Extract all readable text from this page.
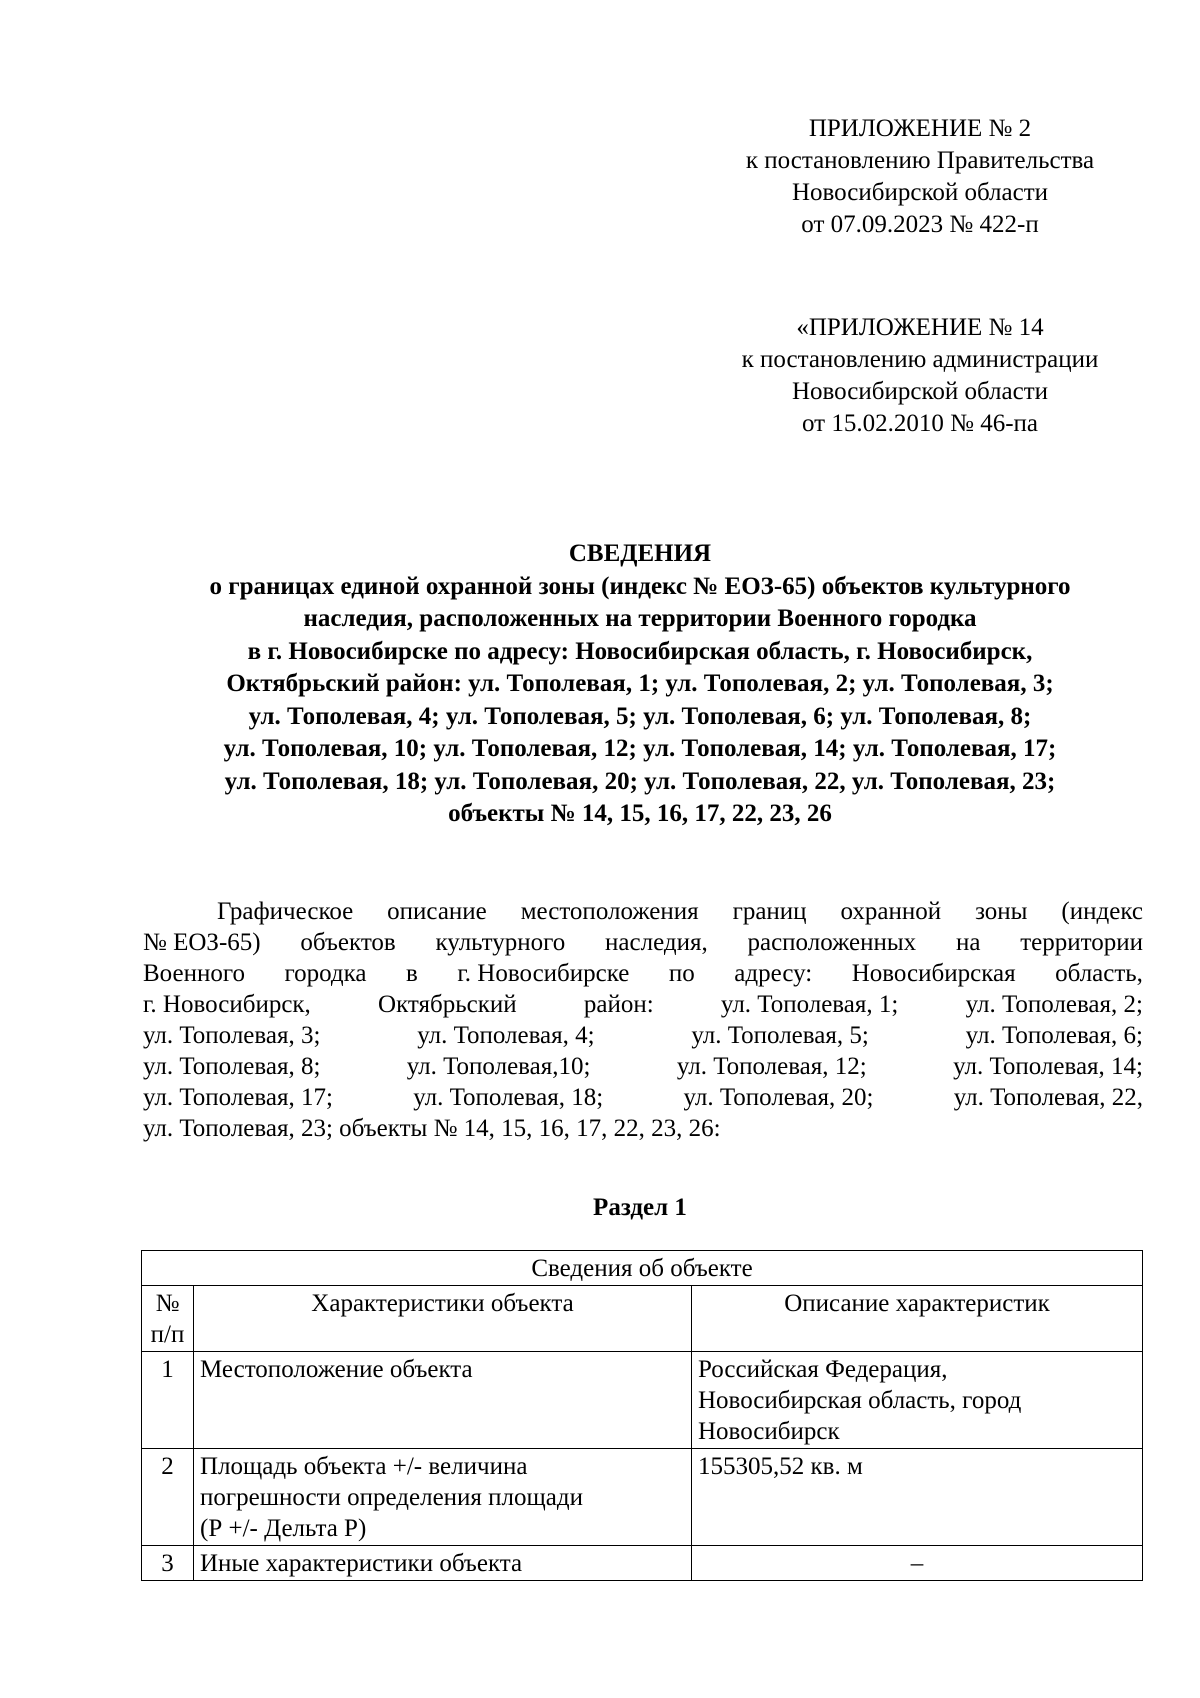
ПРИЛОЖЕНИЕ № 2
к постановлению Правительства
Новосибирской области
от 07.09.2023 № 422-п
«ПРИЛОЖЕНИЕ № 14
к постановлению администрации
Новосибирской области
от 15.02.2010 № 46-па
СВЕДЕНИЯ
о границах единой охранной зоны (индекс № ЕОЗ-65) объектов культурного
наследия, расположенных на территории Военного городка
в г. Новосибирске по адресу: Новосибирская область, г. Новосибирск,
Октябрьский район: ул. Тополевая, 1; ул. Тополевая, 2; ул. Тополевая, 3;
ул. Тополевая, 4; ул. Тополевая, 5; ул. Тополевая, 6; ул. Тополевая, 8;
ул. Тополевая, 10; ул. Тополевая, 12; ул. Тополевая, 14; ул. Тополевая, 17;
ул. Тополевая, 18; ул. Тополевая, 20; ул. Тополевая, 22, ул. Тополевая, 23;
объекты № 14, 15, 16, 17, 22, 23, 26
Графическое описание местоположения границ охранной зоны (индекс
№ ЕОЗ-65) объектов культурного наследия, расположенных на территории
Военного городка в г. Новосибирске по адресу: Новосибирская область,
г. Новосибирск,	Октябрьский	район:	ул. Тополевая, 1;	ул. Тополевая, 2;
ул. Тополевая, 3;	ул. Тополевая, 4;	ул. Тополевая, 5;	ул. Тополевая, 6;
ул. Тополевая, 8;	ул. Тополевая,10;	ул. Тополевая, 12;	ул. Тополевая, 14;
ул. Тополевая, 17;	ул. Тополевая, 18;	ул. Тополевая, 20;	ул. Тополевая, 22,
ул. Тополевая, 23; объекты № 14, 15, 16, 17, 22, 23, 26:
Раздел 1
Сведения об объекте		

№
п/п	Характеристики объекта	Описание характеристик
1	Местоположение объекта	Российская Федерация,
Новосибирская область, город
Новосибирск

2	Площадь объекта +/- величина
погрешности определения площади
(Р +/- Дельта Р)	155305,52 кв. м

3	Иные характеристики объекта	–
